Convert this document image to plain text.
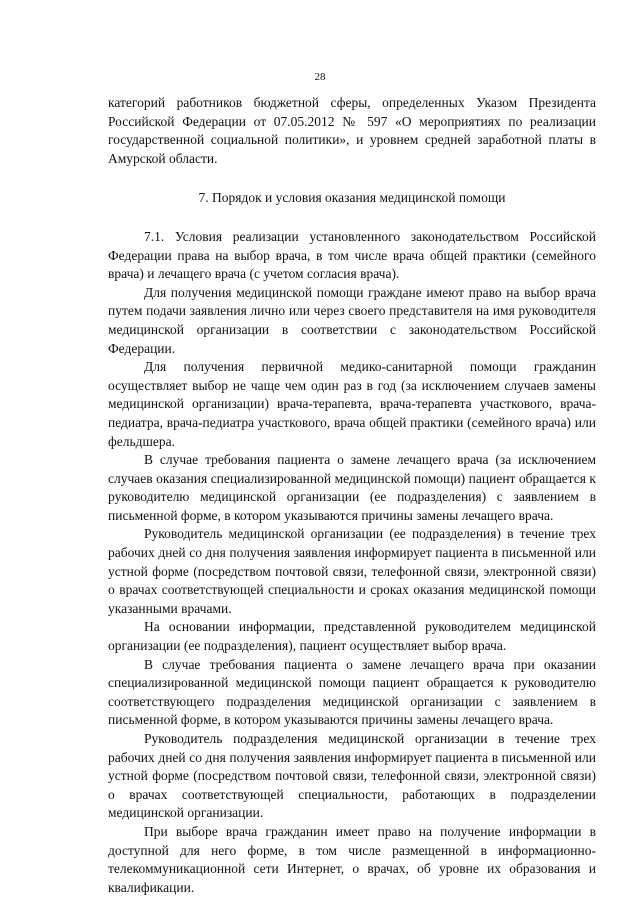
28

категорий работников бюджетной сферы, определенных Указом Президента Российской Федерации от 07.05.2012 № 597 «О мероприятиях по реализации государственной социальной политики», и уровнем средней заработной платы в Амурской области.

7. Порядок и условия оказания медицинской помощи

7.1. Условия реализации установленного законодательством Российской Федерации права на выбор врача, в том числе врача общей практики (семейного врача) и лечащего врача (с учетом согласия врача).

Для получения медицинской помощи граждане имеют право на выбор врача путем подачи заявления лично или через своего представителя на имя руководителя медицинской организации в соответствии с законодательством Российской Федерации.

Для получения первичной медико-санитарной помощи гражданин осуществляет выбор не чаще чем один раз в год (за исключением случаев замены медицинской организации) врача-терапевта, врача-терапевта участкового, врача-педиатра, врача-педиатра участкового, врача общей практики (семейного врача) или фельдшера.

В случае требования пациента о замене лечащего врача (за исключением случаев оказания специализированной медицинской помощи) пациент обращается к руководителю медицинской организации (ее подразделения) с заявлением в письменной форме, в котором указываются причины замены лечащего врача.

Руководитель медицинской организации (ее подразделения) в течение трех рабочих дней со дня получения заявления информирует пациента в письменной или устной форме (посредством почтовой связи, телефонной связи, электронной связи) о врачах соответствующей специальности и сроках оказания медицинской помощи указанными врачами.

На основании информации, представленной руководителем медицинской организации (ее подразделения), пациент осуществляет выбор врача.

В случае требования пациента о замене лечащего врача при оказании специализированной медицинской помощи пациент обращается к руководителю соответствующего подразделения медицинской организации с заявлением в письменной форме, в котором указываются причины замены лечащего врача.

Руководитель подразделения медицинской организации в течение трех рабочих дней со дня получения заявления информирует пациента в письменной или устной форме (посредством почтовой связи, телефонной связи, электронной связи) о врачах соответствующей специальности, работающих в подразделении медицинской организации.

При выборе врача гражданин имеет право на получение информации в доступной для него форме, в том числе размещенной в информационно-телекоммуникационной сети Интернет, о врачах, об уровне их образования и квалификации.
